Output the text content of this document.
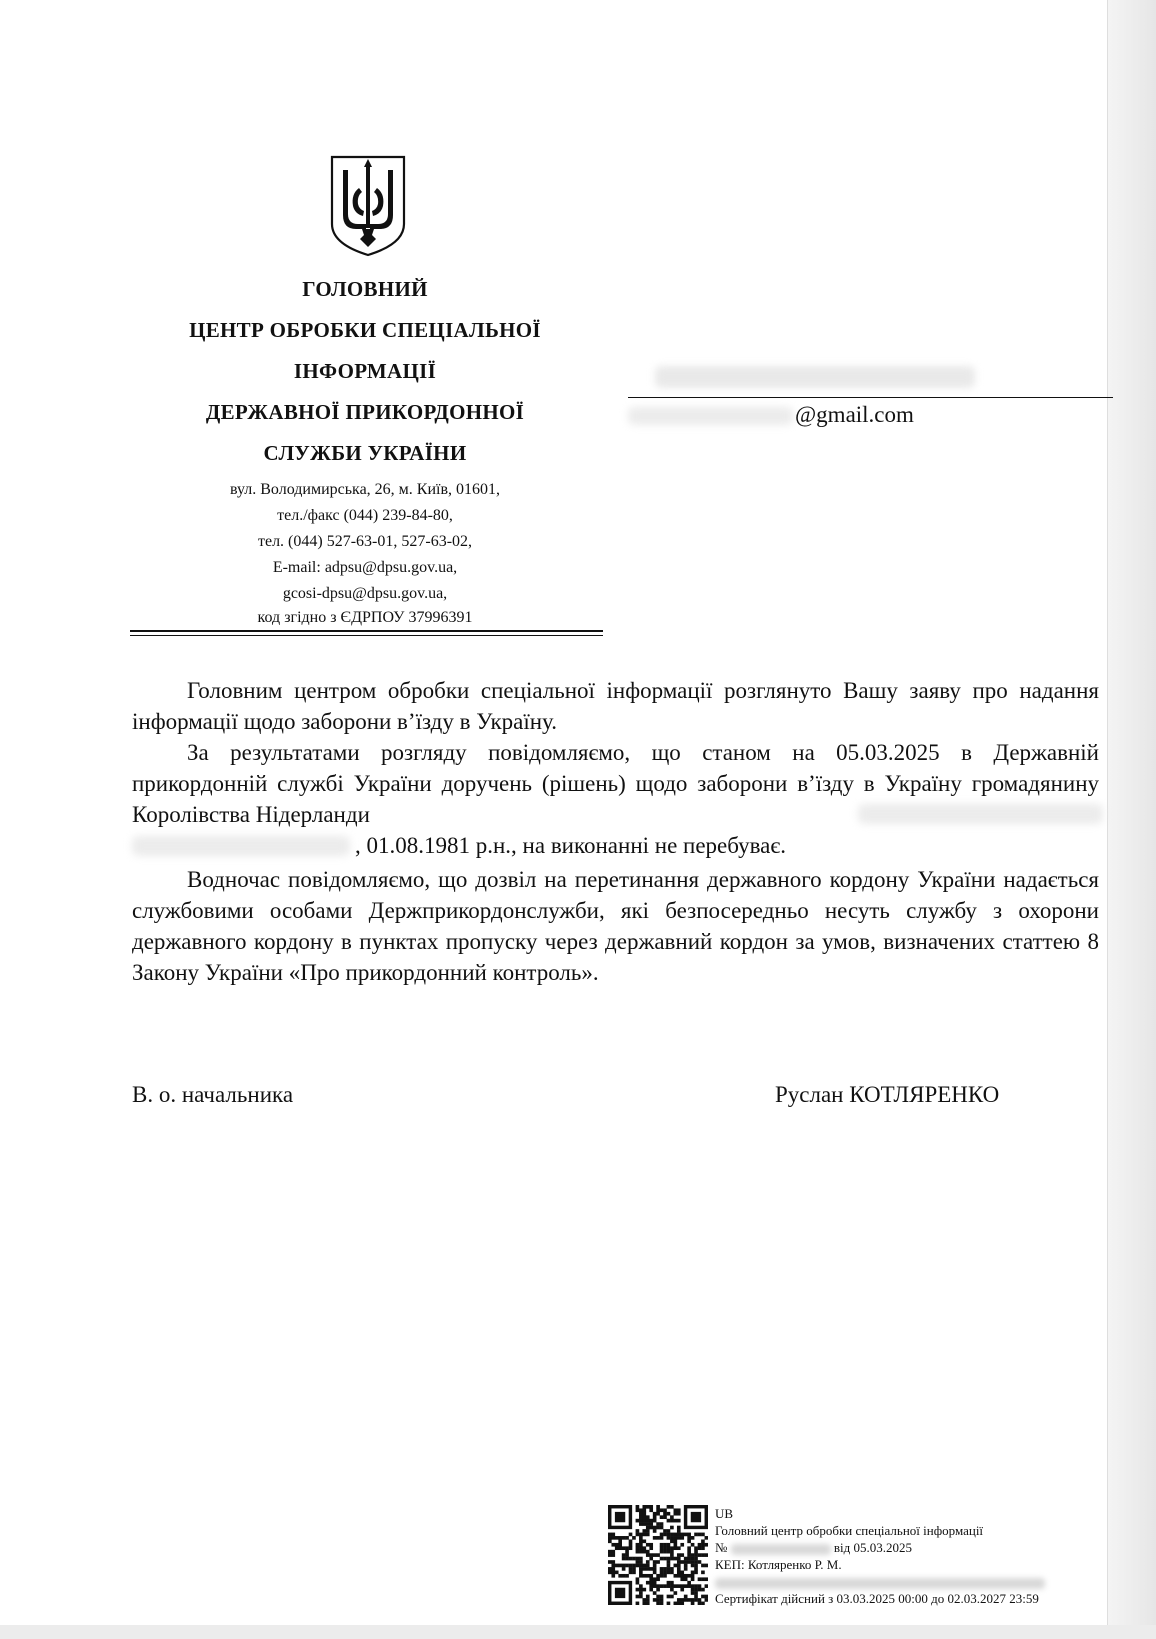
ГОЛОВНИЙ
ЦЕНТР ОБРОБКИ СПЕЦІАЛЬНОЇ
ІНФОРМАЦІЇ
ДЕРЖАВНОЇ ПРИКОРДОННОЇ
СЛУЖБИ УКРАЇНИ
вул. Володимирська, 26, м. Київ, 01601,
тел./факс (044) 239-84-80,
тел. (044) 527-63-01, 527-63-02,
E-mail: adpsu@dpsu.gov.ua,
gcosi-dpsu@dpsu.gov.ua,
код згідно з ЄДРПОУ 37996391
@gmail.com
Головним центром обробки спеціальної інформації розглянуто Вашу заяву про надання інформації щодо заборони в’їзду в Україну.
За результатами розгляду повідомляємо, що станом на 05.03.2025 в Державній прикордонній службі України доручень (рішень) щодо заборони в’їзду в Україну громадянину Королівства Нідерланди
, 01.08.1981 р.н., на виконанні не перебуває.
Водночас повідомляємо, що дозвіл на перетинання державного кордону України надається службовими особами Держприкордонслужби, які безпосередньо несуть службу з охорони державного кордону в пунктах пропуску через державний кордон за умов, визначених статтею 8 Закону України «Про прикордонний контроль».
В. о. начальника	Руслан КОТЛЯРЕНКО
UB
Головний центр обробки спеціальної інформації
№	від 05.03.2025
КЕП: Котляренко Р. М.
Сертифікат дійсний з 03.03.2025 00:00 до 02.03.2027 23:59
